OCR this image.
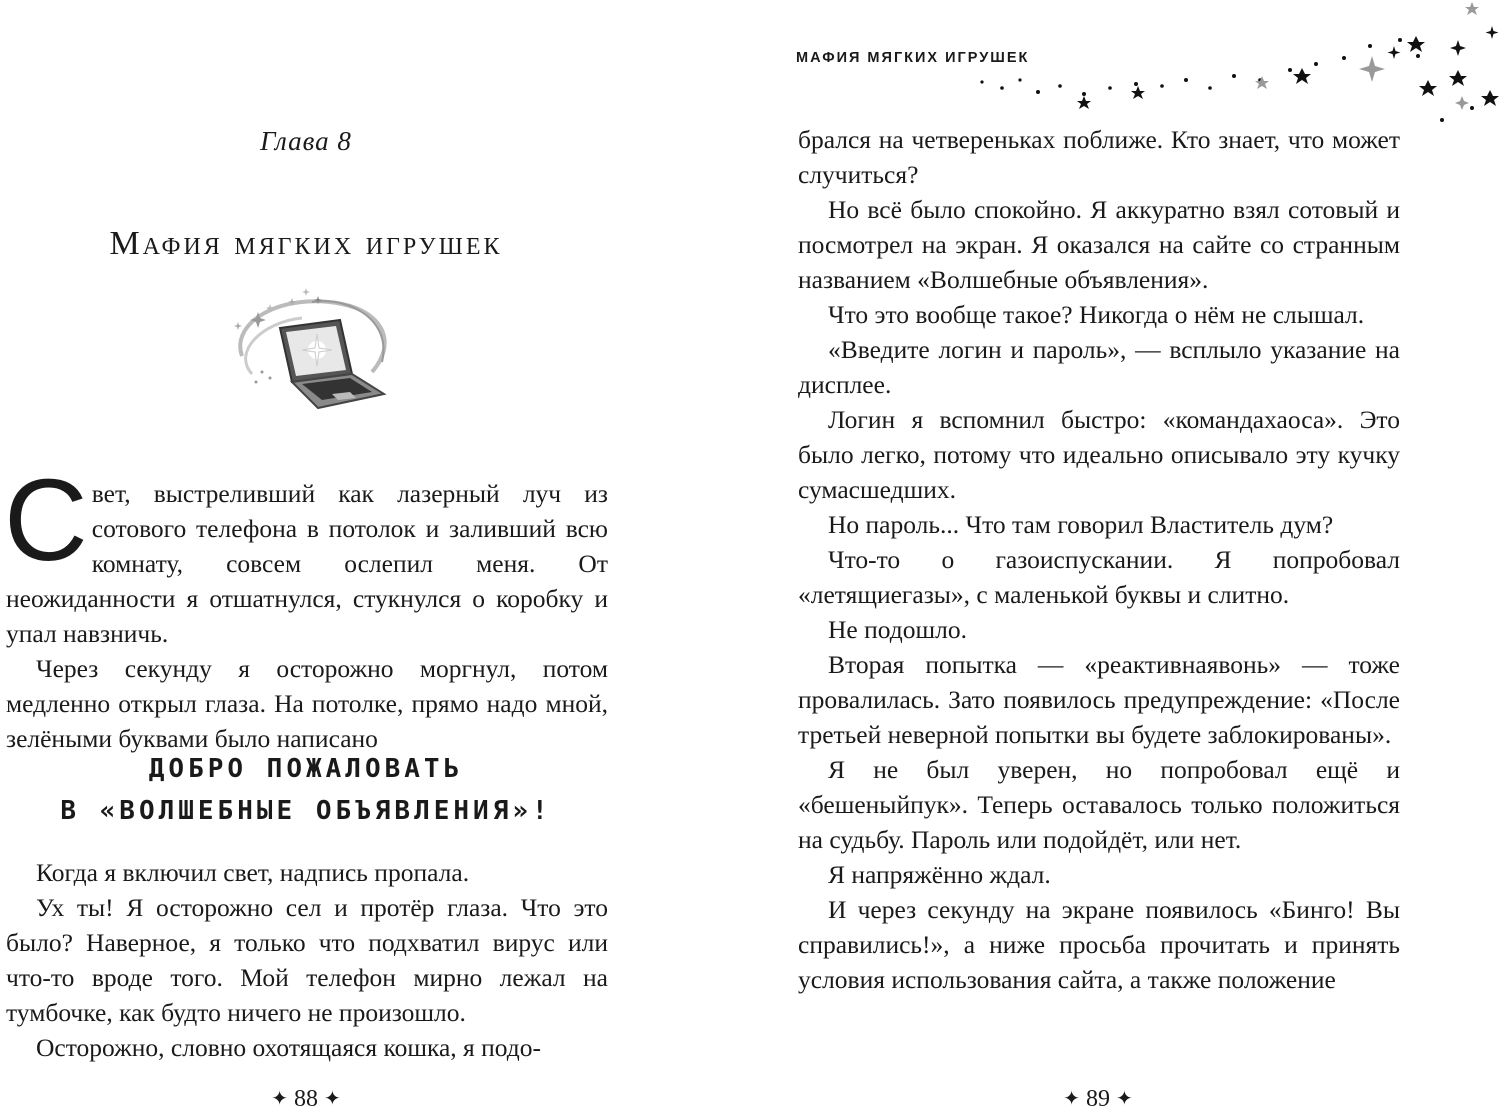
Глава 8
Мафия мягких игрушек

Свет, выстреливший как лазерный луч из сотового телефона в потолок и заливший всю комнату, совсем ослепил меня. От неожиданности я отшатнулся, стукнулся о коробку и упал навзничь.

Через секунду я осторожно моргнул, потом медленно открыл глаза. На потолке, прямо надо мной, зелёными буквами было написано

ДОБРО ПОЖАЛОВАТЬ
В «ВОЛШЕБНЫЕ ОБЪЯВЛЕНИЯ»!

Когда я включил свет, надпись пропала.

Ух ты! Я осторожно сел и протёр глаза. Что это было? Наверное, я только что подхватил вирус или что-то вроде того. Мой телефон мирно лежал на тумбочке, как будто ничего не произошло.

Осторожно, словно охотящаяся кошка, я подо-

✦ 88 ✦
МАФИЯ МЯГКИХ ИГРУШЕК

брался на четвереньках поближе. Кто знает, что может случиться?

Но всё было спокойно. Я аккуратно взял сотовый и посмотрел на экран. Я оказался на сайте со странным названием «Волшебные объявления».

Что это вообще такое? Никогда о нём не слышал.

«Введите логин и пароль», — всплыло указание на дисплее.

Логин я вспомнил быстро: «командахаоса». Это было легко, потому что идеально описывало эту кучку сумасшедших.

Но пароль... Что там говорил Властитель дум?

Что-то о газоиспускании. Я попробовал «летящиегазы», с маленькой буквы и слитно.

Не подошло.

Вторая попытка — «реактивнаявонь» — тоже провалилась. Зато появилось предупреждение: «После третьей неверной попытки вы будете заблокированы».

Я не был уверен, но попробовал ещё и «бешеныйпук». Теперь оставалось только положиться на судьбу. Пароль или подойдёт, или нет.

Я напряжённо ждал.

И через секунду на экране появилось «Бинго! Вы справились!», а ниже просьба прочитать и принять условия использования сайта, а также положение

✦ 89 ✦
